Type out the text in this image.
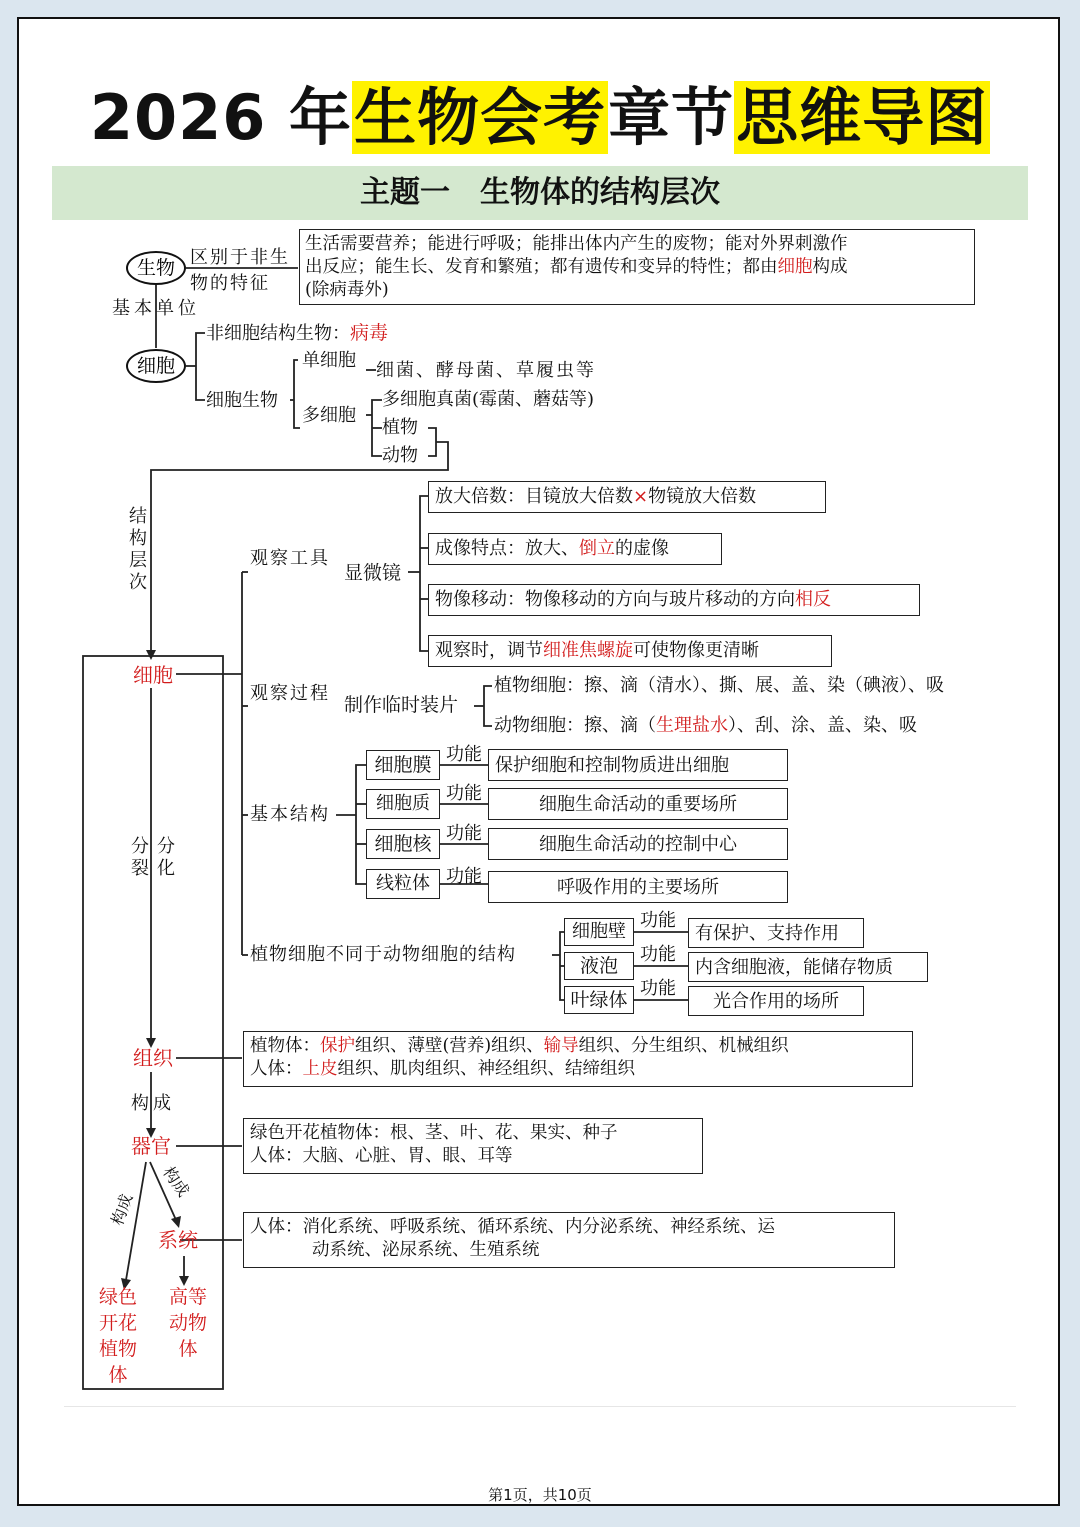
2026 年生物会考章节思维导图
主题一　生物体的结构层次
生物 区别于非生物的特征
生活需要营养；能进行呼吸；能排出体内产生的废物；能对外界刺激作
出反应；能生长、发育和繁殖；都有遗传和变异的特性；都由细胞构成
(除病毒外)
基本单位
细胞
非细胞结构生物：病毒
细胞生物
单细胞 细菌、酵母菌、草履虫等
多细胞
多细胞真菌(霉菌、蘑菇等)
植物
动物
结构层次
细胞
分裂
分化
组织
构成
器官
构成
构成
系统
绿色开花植物体
高等动物体
观察工具
显微镜
放大倍数：目镜放大倍数×物镜放大倍数
成像特点：放大、倒立的虚像
物像移动：物像移动的方向与玻片移动的方向相反
观察时，调节细准焦螺旋可使物像更清晰
观察过程
制作临时装片
植物细胞：擦、滴（清水）、撕、展、盖、染（碘液）、吸
动物细胞：擦、滴（生理盐水）、刮、涂、盖、染、吸
基本结构
细胞膜 功能
保护细胞和控制物质进出细胞
细胞质 功能
细胞生命活动的重要场所
细胞核 功能
细胞生命活动的控制中心
线粒体 功能
呼吸作用的主要场所
植物细胞不同于动物细胞的结构
细胞壁
功能
有保护、支持作用
液泡
功能
内含细胞液，能储存物质
叶绿体
功能
光合作用的场所
植物体：保护组织、薄壁(营养)组织、输导组织、分生组织、机械组织
人体：上皮组织、肌肉组织、神经组织、结缔组织
绿色开花植物体：根、茎、叶、花、果实、种子
人体：大脑、心脏、胃、眼、耳等
人体：消化系统、呼吸系统、循环系统、内分泌系统、神经系统、运
动系统、泌尿系统、生殖系统
第1页，共10页
